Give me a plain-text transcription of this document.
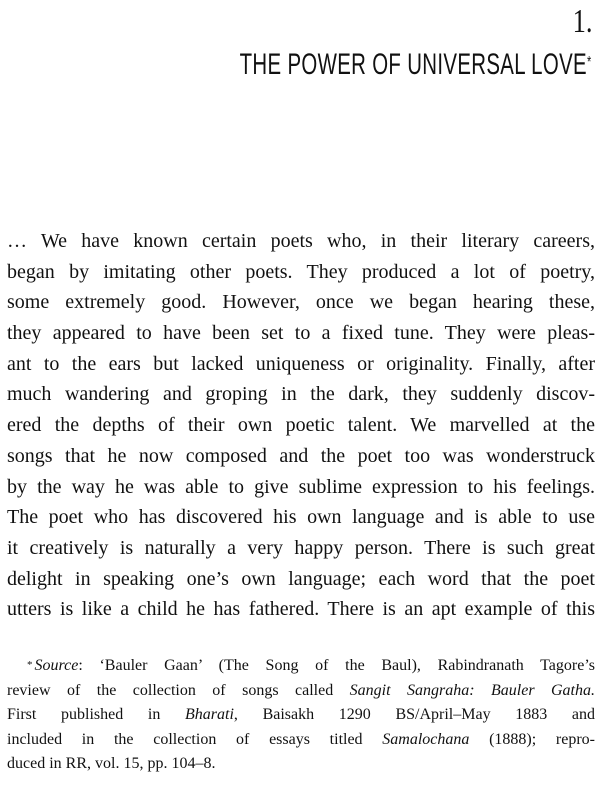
1.
THE POWER OF UNIVERSAL LOVE*
… We have known certain poets who, in their literary careers,
began by imitating other poets. They produced a lot of poetry,
some extremely good. However, once we began hearing these,
they appeared to have been set to a fixed tune. They were pleas-
ant to the ears but lacked uniqueness or originality. Finally, after
much wandering and groping in the dark, they suddenly discov-
ered the depths of their own poetic talent. We marvelled at the
songs that he now composed and the poet too was wonderstruck
by the way he was able to give sublime expression to his feelings.
The poet who has discovered his own language and is able to use
it creatively is naturally a very happy person. There is such great
delight in speaking one’s own language; each word that the poet
utters is like a child he has fathered. There is an apt example of this
* Source: ‘Bauler Gaan’ (The Song of the Baul), Rabindranath Tagore’s
review of the collection of songs called Sangit Sangraha: Bauler Gatha.
First published in Bharati, Baisakh 1290 BS/April–May 1883 and
included in the collection of essays titled Samalochana (1888); repro-
duced in RR, vol. 15, pp. 104–8.
